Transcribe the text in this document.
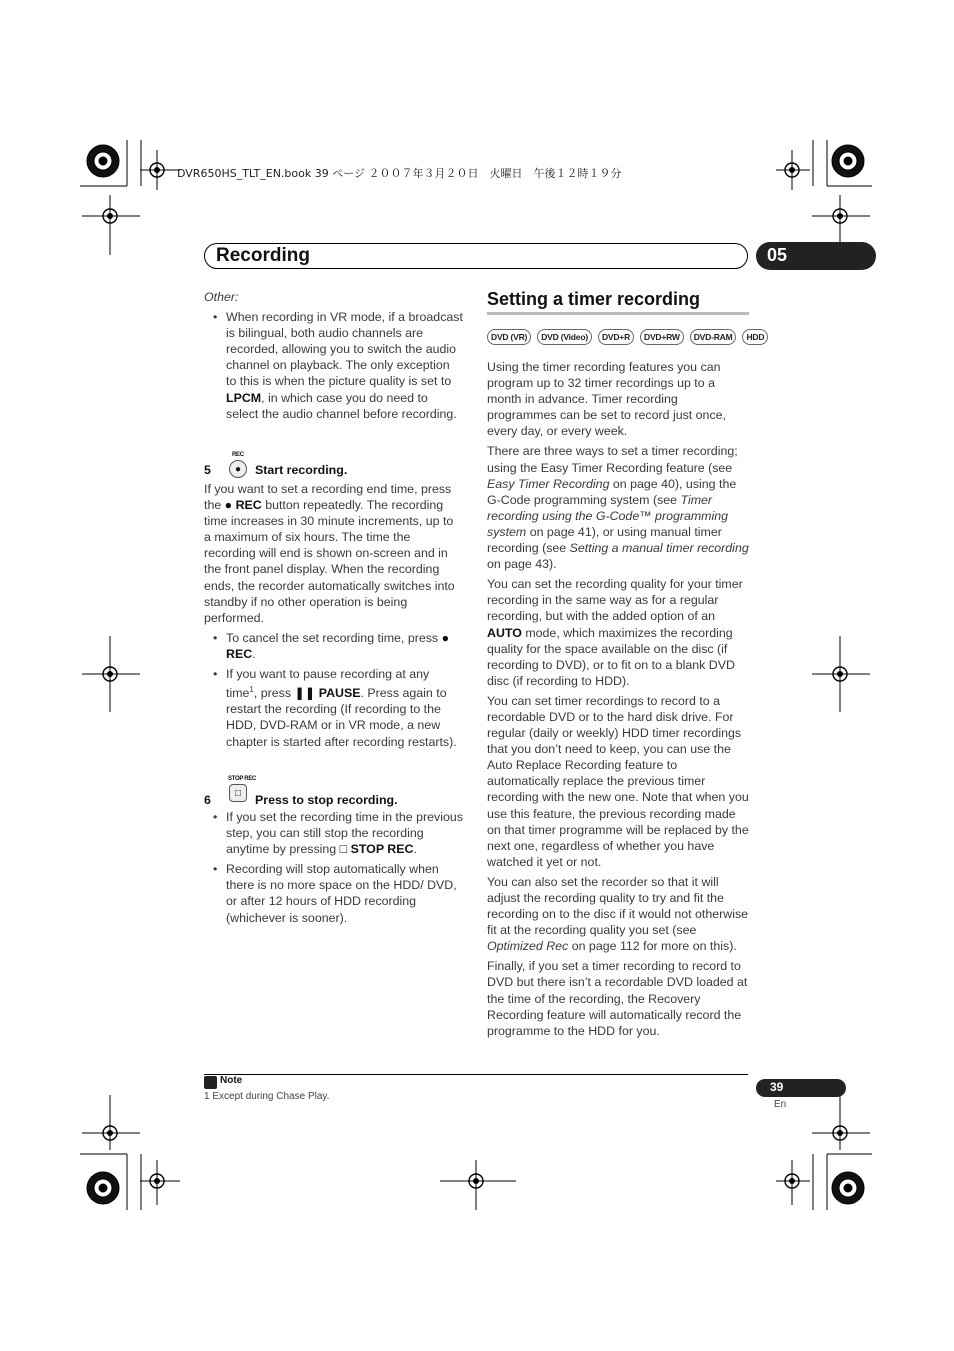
DVR650HS_TLT_EN.book 39 ページ ２００７年３月２０日　火曜日　午後１２時１９分
Recording	05

Other:

• When recording in VR mode, if a broadcast is bilingual, both audio channels are recorded, allowing you to switch the audio channel on playback. The only exception to this is when the picture quality is set to LPCM, in which case you do need to select the audio channel before recording.
REC
●
5	Start recording.

If you want to set a recording end time, press the ● REC button repeatedly. The recording time increases in 30 minute increments, up to a maximum of six hours. The time the recording will end is shown on-screen and in the front panel display. When the recording ends, the recorder automatically switches into standby if no other operation is being performed.

• To cancel the set recording time, press ● REC.
• If you want to pause recording at any time$^1$, press ❚❚ PAUSE. Press again to restart the recording (If recording to the HDD, DVD-RAM or in VR mode, a new chapter is started after recording restarts).
STOP REC
□
6	Press to stop recording.
• If you set the recording time in the previous step, you can still stop the recording anytime by pressing □ STOP REC.
• Recording will stop automatically when there is no more space on the HDD/ DVD, or after 12 hours of HDD recording (whichever is sooner).
Setting a timer recording
DVD (VR)	DVD (Video)	DVD+R	DVD+RW	DVD-RAM	HDD

Using the timer recording features you can program up to 32 timer recordings up to a month in advance. Timer recording programmes can be set to record just once, every day, or every week.

There are three ways to set a timer recording; using the Easy Timer Recording feature (see Easy Timer Recording on page 40), using the G-Code programming system (see Timer recording using the G-Code™ programming system on page 41), or using manual timer recording (see Setting a manual timer recording on page 43).

You can set the recording quality for your timer recording in the same way as for a regular recording, but with the added option of an AUTO mode, which maximizes the recording quality for the space available on the disc (if recording to DVD), or to fit on to a blank DVD disc (if recording to HDD).

You can set timer recordings to record to a recordable DVD or to the hard disk drive. For regular (daily or weekly) HDD timer recordings that you don’t need to keep, you can use the Auto Replace Recording feature to automatically replace the previous timer recording with the new one. Note that when you use this feature, the previous recording made on that timer programme will be replaced by the next one, regardless of whether you have watched it yet or not.

You can also set the recorder so that it will adjust the recording quality to try and fit the recording on to the disc if it would not otherwise fit at the recording quality you set (see Optimized Rec on page 112 for more on this).

Finally, if you set a timer recording to record to DVD but there isn’t a recordable DVD loaded at the time of the recording, the Recovery Recording feature will automatically record the programme to the HDD for you.

Note
1 Except during Chase Play.
39
En
